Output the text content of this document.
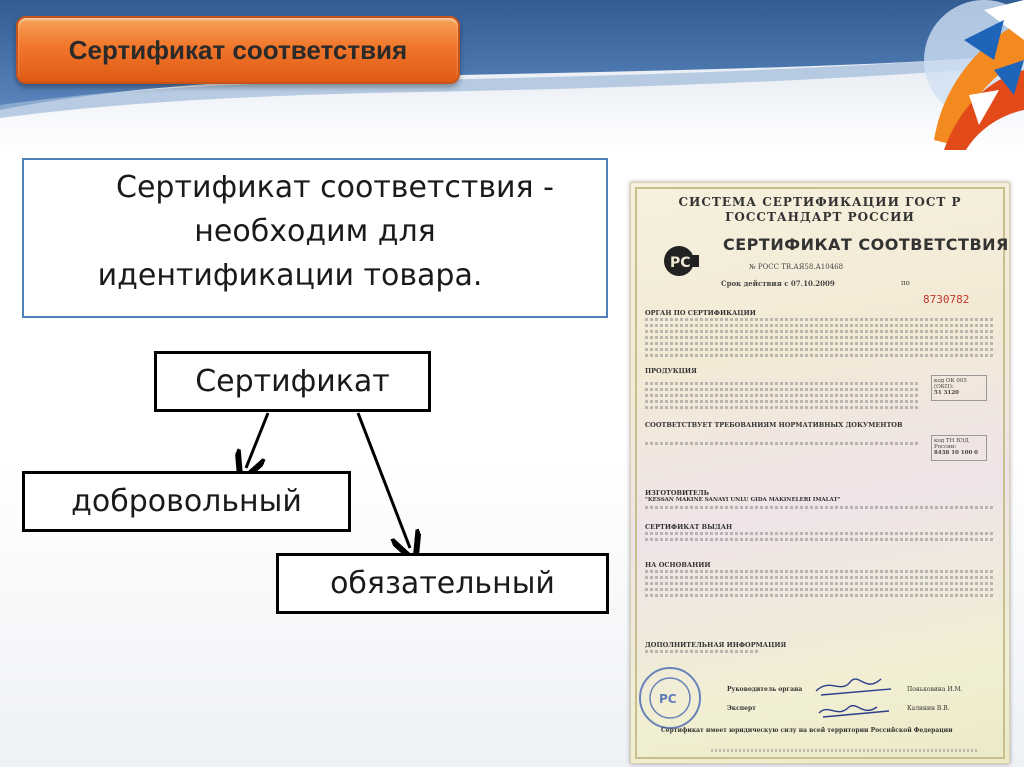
Сертификат соответствия
Сертификат соответствия -
необходим для
идентификации товара.
Сертификат
добровольный
обязательный
СИСТЕМА СЕРТИФИКАЦИИ ГОСТ Р
ГОССТАНДАРТ РОССИИ
PC
СЕРТИФИКАТ СООТВЕТСТВИЯ
№ РОСС TR.АЯ58.А10468
Срок действия с 07.10.2009	по
8730782
ОРГАН ПО СЕРТИФИКАЦИИ
ПРОДУКЦИЯ
код ОК 005 (ОКП):
51 3120
СООТВЕТСТВУЕТ ТРЕБОВАНИЯМ НОРМАТИВНЫХ ДОКУМЕНТОВ
код ТН ВЭД России:
8438 10 100 0
ИЗГОТОВИТЕЛЬ
"KESSAN MAKINE SANAYI UNLU GIDA MAKINELERI IMALAT"
СЕРТИФИКАТ ВЫДАН
НА ОСНОВАНИИ
ДОПОЛНИТЕЛЬНАЯ ИНФОРМАЦИЯ
PC
Руководитель органа	Поньковина И.М.
Эксперт	Калинин В.В.
Сертификат имеет юридическую силу на всей территории Российской Федерации
